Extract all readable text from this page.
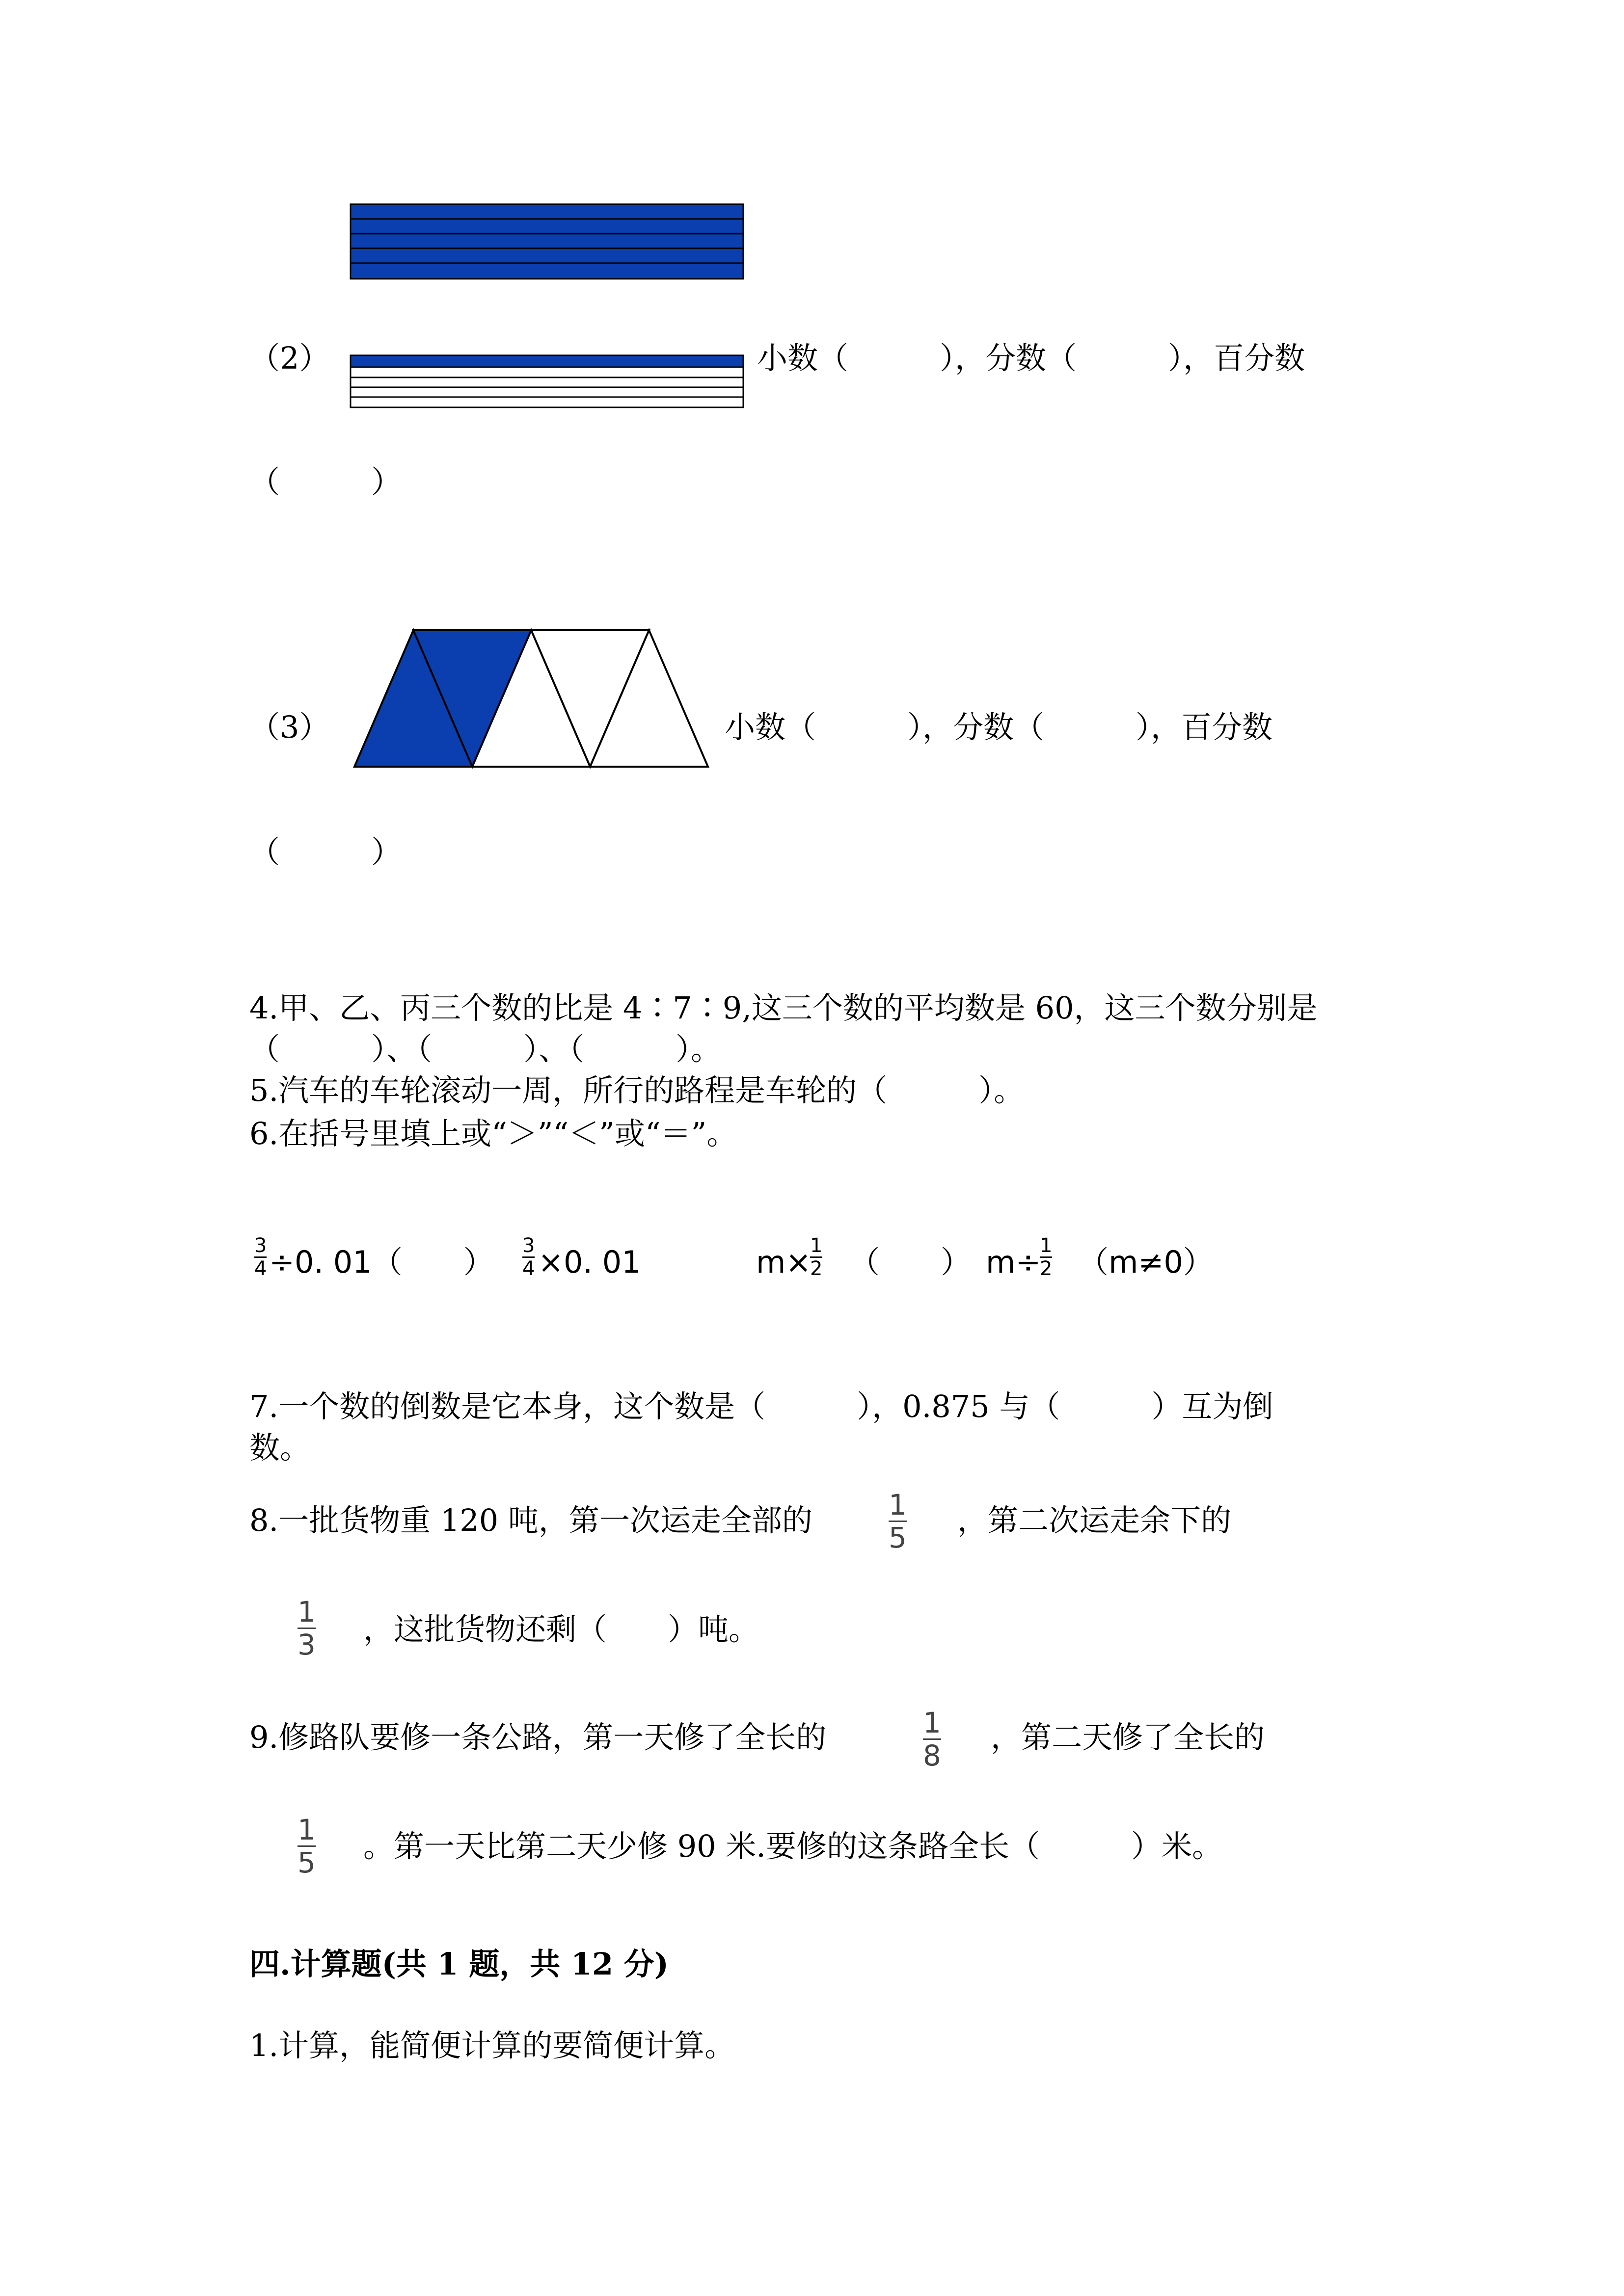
（2）	小数（　　　），分数（　　　），百分数
（　　　）
（3）	小数（　　　），分数（　　　），百分数
（　　　）
4.甲、乙、丙三个数的比是 4∶7∶9,这三个数的平均数是 60，这三个数分别是
（　　　）、（　　　）、（　　　）。
5.汽车的车轮滚动一周，所行的路程是车轮的（　　　）。
6.在括号里填上或“＞”“＜”或“＝”。
3
4 ÷0. 01（　　） 3
4 ×0. 01	m×
1
2 （　　） m÷
1
2 （m≠0）
7.一个数的倒数是它本身，这个数是（　　　），0.875 与（　　　）互为倒
数。
8.一批货物重 120 吨，第一次运走全部的	1
5 ，第二次运走余下的
1
3 ，这批货物还剩（　　）吨。
9.修路队要修一条公路，第一天修了全长的	1
8
，第二天修了全长的
1
5 。第一天比第二天少修 90 米.要修的这条路全长（　　　）米。
四.计算题(共 1 题，共 12 分)
1.计算，能简便计算的要简便计算。
